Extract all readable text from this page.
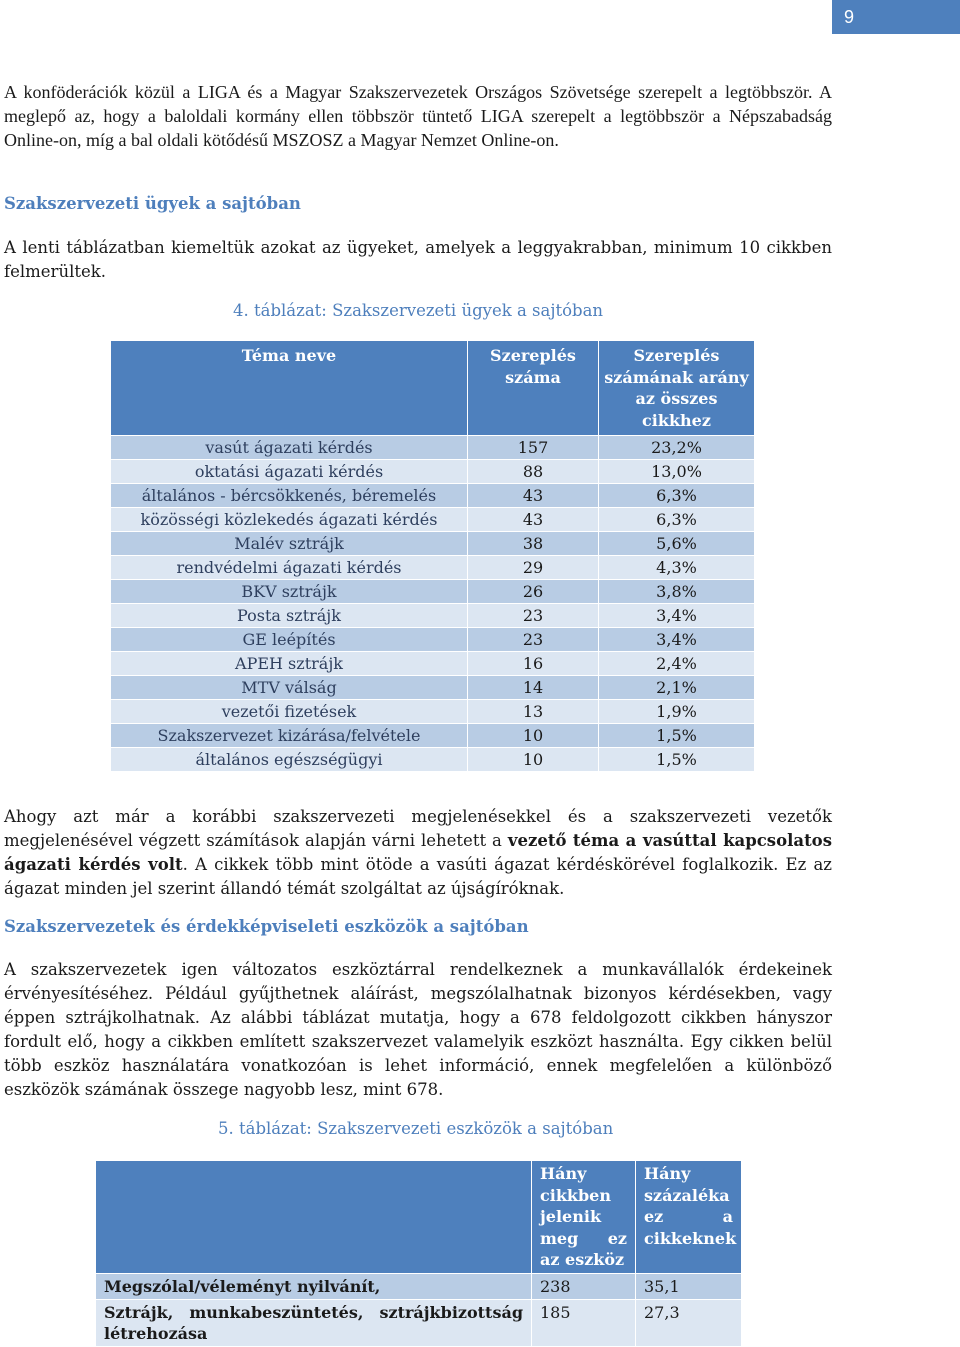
9

A konföderációk közül a LIGA és a Magyar Szakszervezetek Országos Szövetsége szerepelt a legtöbbször. A meglepő az, hogy a baloldali kormány ellen többször tüntető LIGA szerepelt a legtöbbször a Népszabadság Online-on, míg a bal oldali kötődésű MSZOSZ a Magyar Nemzet Online-on.

Szakszervezeti ügyek a sajtóban

A lenti táblázatban kiemeltük azokat az ügyeket, amelyek a leggyakrabban, minimum 10 cikkben felmerültek.

4. táblázat: Szakszervezeti ügyek a sajtóban

Téma neve	Szereplés száma	Szereplés számának arány az összes cikkhez
vasút ágazati kérdés	157	23,2%
oktatási ágazati kérdés	88	13,0%
általános - bércsökkenés, béremelés	43	6,3%
közösségi közlekedés ágazati kérdés	43	6,3%
Malév sztrájk	38	5,6%
rendvédelmi ágazati kérdés	29	4,3%
BKV sztrájk	26	3,8%
Posta sztrájk	23	3,4%
GE leépítés	23	3,4%
APEH sztrájk	16	2,4%
MTV válság	14	2,1%
vezetői fizetések	13	1,9%
Szakszervezet kizárása/felvétele	10	1,5%
általános egészségügyi	10	1,5%

Ahogy azt már a korábbi szakszervezeti megjelenésekkel és a szakszervezeti vezetők megjelenésével végzett számítások alapján várni lehetett a vezető téma a vasúttal kapcsolatos ágazati kérdés volt. A cikkek több mint ötöde a vasúti ágazat kérdéskörével foglalkozik. Ez az ágazat minden jel szerint állandó témát szolgáltat az újságíróknak.

Szakszervezetek és érdekképviseleti eszközök a sajtóban

A szakszervezetek igen változatos eszköztárral rendelkeznek a munkavállalók érdekeinek érvényesítéséhez. Például gyűjthetnek aláírást, megszólalhatnak bizonyos kérdésekben, vagy éppen sztrájkolhatnak. Az alábbi táblázat mutatja, hogy a 678 feldolgozott cikkben hányszor fordult elő, hogy a cikkben említett szakszervezet valamelyik eszközt használta. Egy cikken belül több eszköz használatára vonatkozóan is lehet információ, ennek megfelelően a különböző eszközök számának összege nagyobb lesz, mint 678.

5. táblázat: Szakszervezeti eszközök a sajtóban

	Hány cikkben jelenik meg ez az eszköz	Hány százaléka ez a cikkeknek
Megszólal/véleményt nyilvánít,	238	35,1
Sztrájk, munkabeszüntetés, sztrájkbizottság létrehozása	185	27,3
